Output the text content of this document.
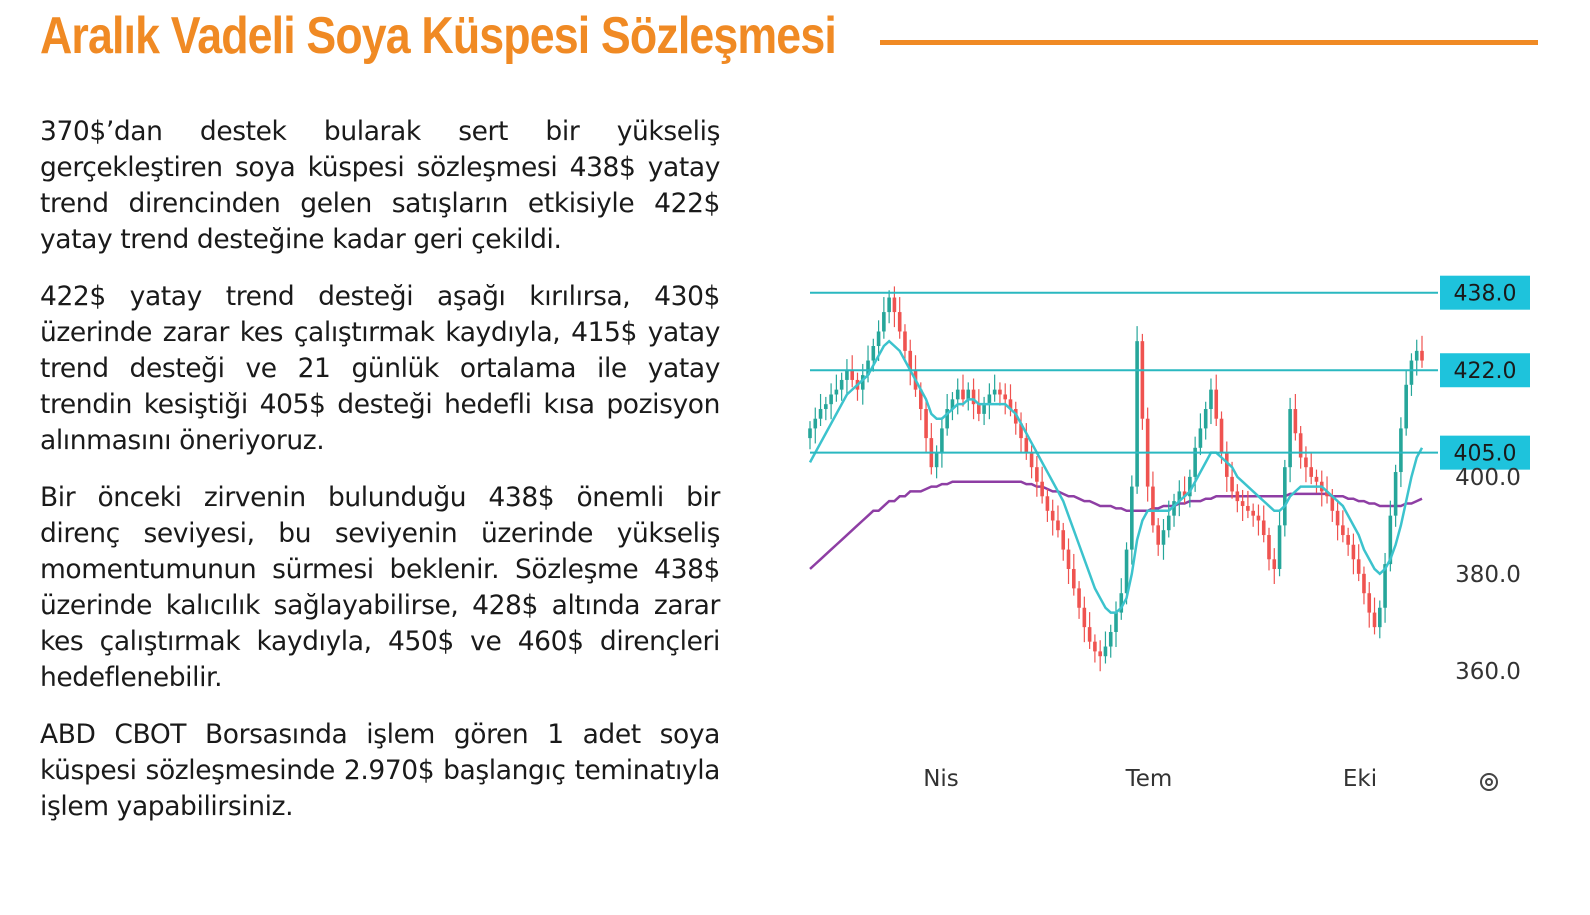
Aralık Vadeli Soya Küspesi Sözleşmesi

370$’dan destek bularak sert bir yükseliş gerçekleştiren soya küspesi sözleşmesi 438$ yatay trend direncinden gelen satışların etkisiyle 422$ yatay trend desteğine kadar geri çekildi.

422$ yatay trend desteği aşağı kırılırsa, 430$ üzerinde zarar kes çalıştırmak kaydıyla, 415$ yatay trend desteği ve 21 günlük ortalama ile yatay trendin kesiştiği 405$ desteği hedefli kısa pozisyon alınmasını öneriyoruz.

Bir önceki zirvenin bulunduğu 438$ önemli bir direnç seviyesi, bu seviyenin üzerinde yükseliş momentumunun sürmesi beklenir. Sözleşme 438$ üzerinde kalıcılık sağlayabilirse, 428$ altında zarar kes çalıştırmak kaydıyla, 450$ ve 460$ dirençleri hedeflenebilir.

ABD CBOT Borsasında işlem gören 1 adet soya küspesi sözleşmesinde 2.970$ başlangıç teminatıyla işlem yapabilirsiniz.

438.0
422.0
405.0
360.0
380.0
400.0
Nis	Tem	Eki
